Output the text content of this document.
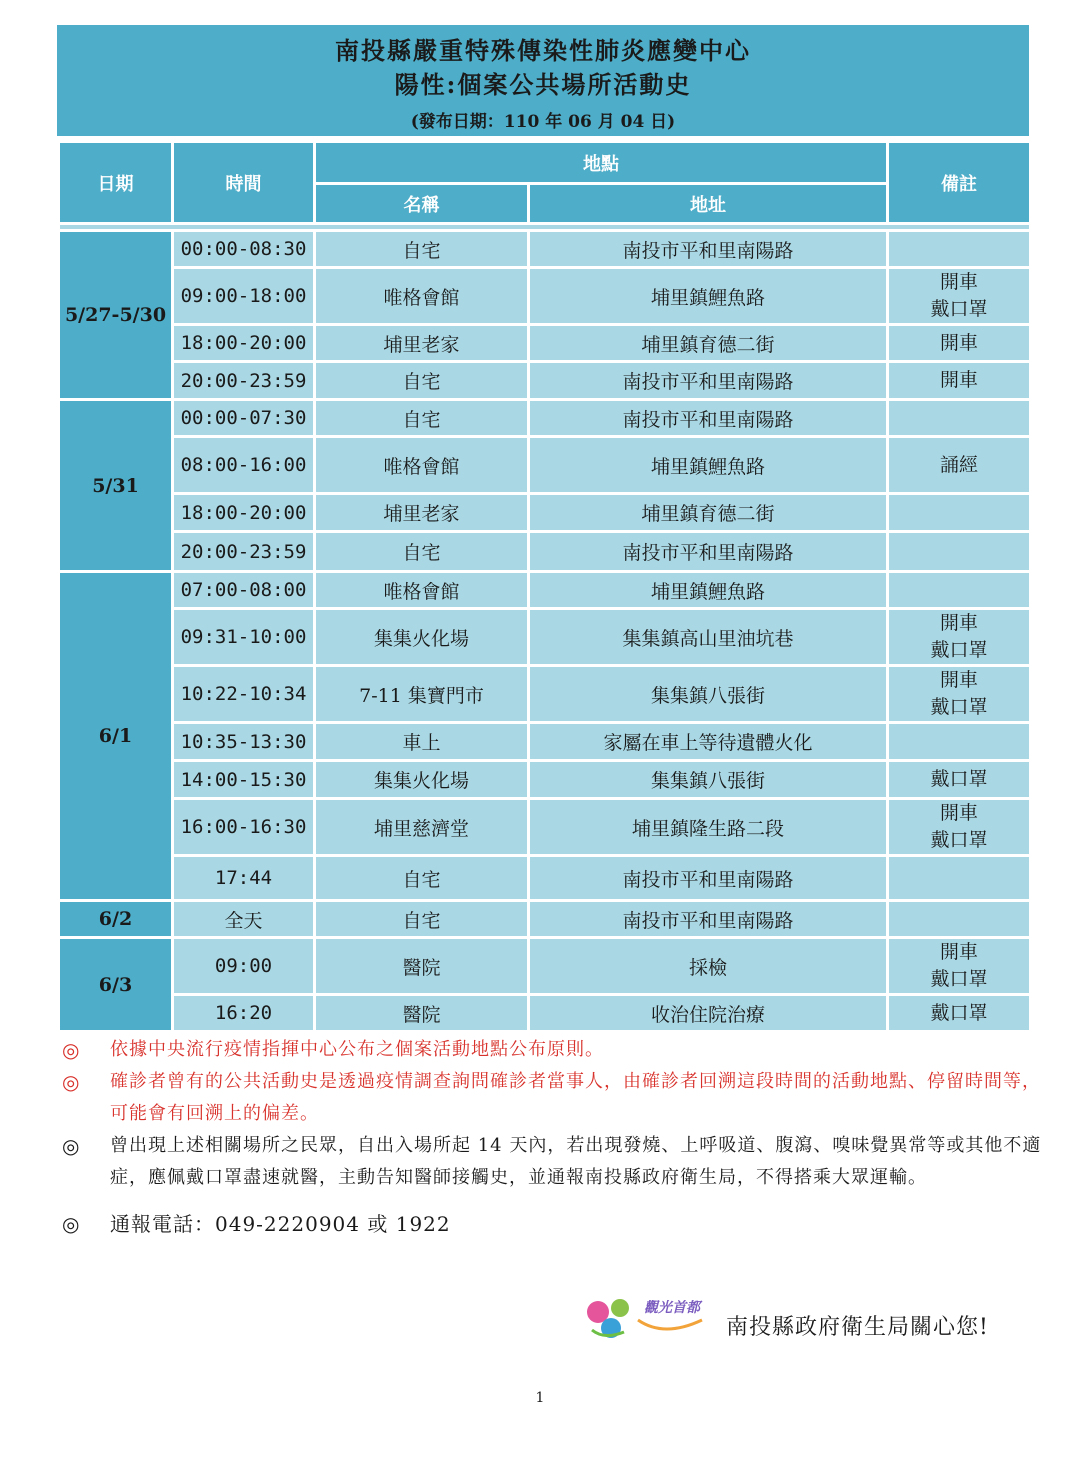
南投縣嚴重特殊傳染性肺炎應變中心
陽性:個案公共場所活動史
(發布日期：110 年 06 月 04 日)
日期	時間	地點		備註
		名稱	地址	

5/27-5/30	00:00-08:30	自宅	南投市平和里南陽路	
	09:00-18:00	唯格會館	埔里鎮鯉魚路	開車
戴口罩
	18:00-20:00	埔里老家	埔里鎮育德二街	開車
	20:00-23:59	自宅	南投市平和里南陽路	開車
5/31	00:00-07:30	自宅	南投市平和里南陽路	
	08:00-16:00	唯格會館	埔里鎮鯉魚路	誦經
	18:00-20:00	埔里老家	埔里鎮育德二街	
	20:00-23:59	自宅	南投市平和里南陽路	
6/1	07:00-08:00	唯格會館	埔里鎮鯉魚路	
	09:31-10:00	集集火化場	集集鎮高山里油坑巷	開車
戴口罩
	10:22-10:34	7-11 集寶門市	集集鎮八張街	開車
戴口罩
	10:35-13:30	車上	家屬在車上等待遺體火化	
	14:00-15:30	集集火化場	集集鎮八張街	戴口罩
	16:00-16:30	埔里慈濟堂	埔里鎮隆生路二段	開車
戴口罩
	17:44	自宅	南投市平和里南陽路	
6/2	全天	自宅	南投市平和里南陽路	
6/3	09:00	醫院	採檢	開車
戴口罩
	16:20	醫院	收治住院治療	戴口罩
◎	依據中央流行疫情指揮中心公布之個案活動地點公布原則。
◎	確診者曾有的公共活動史是透過疫情調查詢問確診者當事人，由確診者回溯這段時間的活動地點、停留時間等，可能會有回溯上的偏差。
◎	曾出現上述相關場所之民眾，自出入場所起 14 天內，若出現發燒、上呼吸道、腹瀉、嗅味覺異常等或其他不適症，應佩戴口罩盡速就醫，主動告知醫師接觸史，並通報南投縣政府衛生局，不得搭乘大眾運輸。
◎	通報電話：049-2220904 或 1922
觀光首都
南投縣政府衛生局關心您!
1
